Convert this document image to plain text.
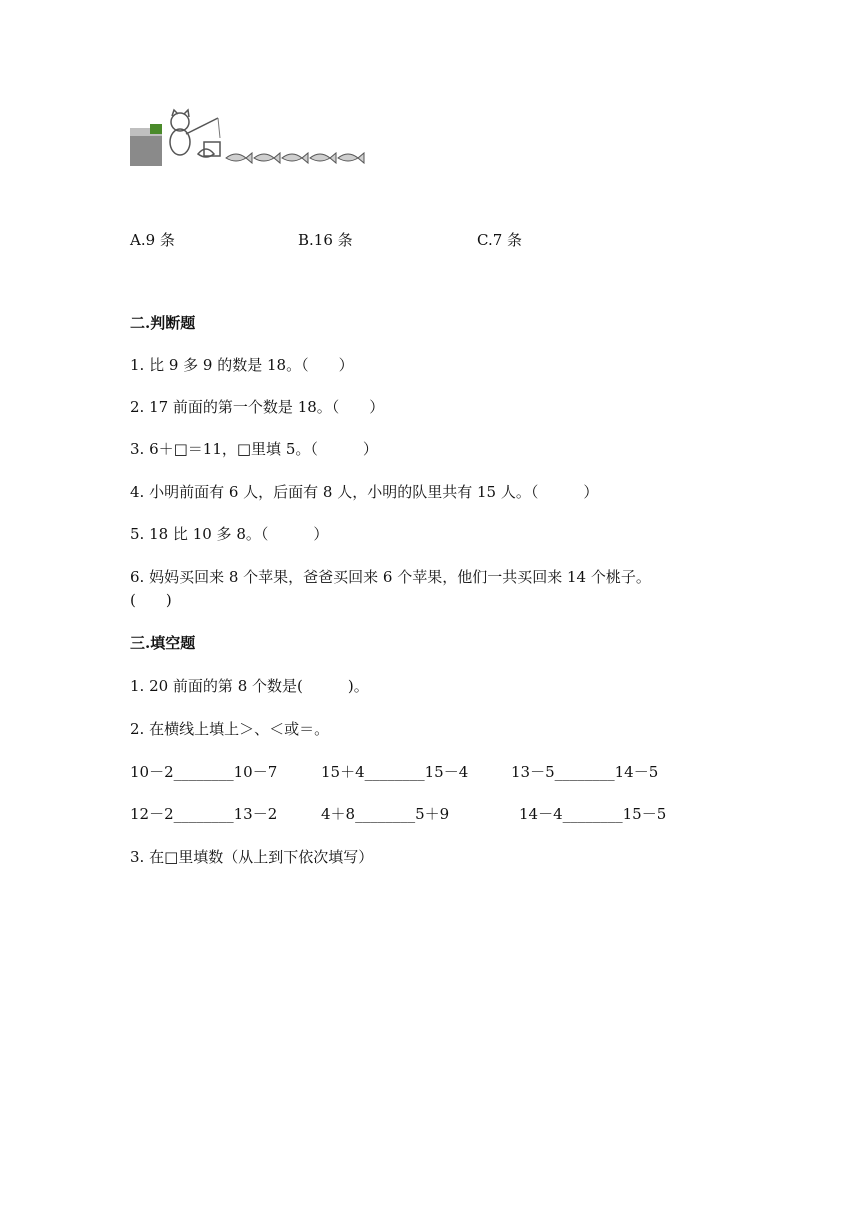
A.9 条	B.16 条	C.7 条
二.判断题
1. 比 9 多 9 的数是 18。（　　）
2. 17 前面的第一个数是 18。（　　）
3. 6＋□＝11，□里填 5。（　　　）
4. 小明前面有 6 人，后面有 8 人，小明的队里共有 15 人。（　　　）
5. 18 比 10 多 8。（　　　）
6. 妈妈买回来 8 个苹果，爸爸买回来 6 个苹果，他们一共买回来 14 个桃子。
(　　)
三.填空题
1. 20 前面的第 8 个数是(　　　)。
2. 在横线上填上＞、＜或＝。
10－2________10－7	15＋4________15－4	13－5________14－5
12－2________13－2	4＋8________5＋9	14－4________15－5
3. 在□里填数（从上到下依次填写）
